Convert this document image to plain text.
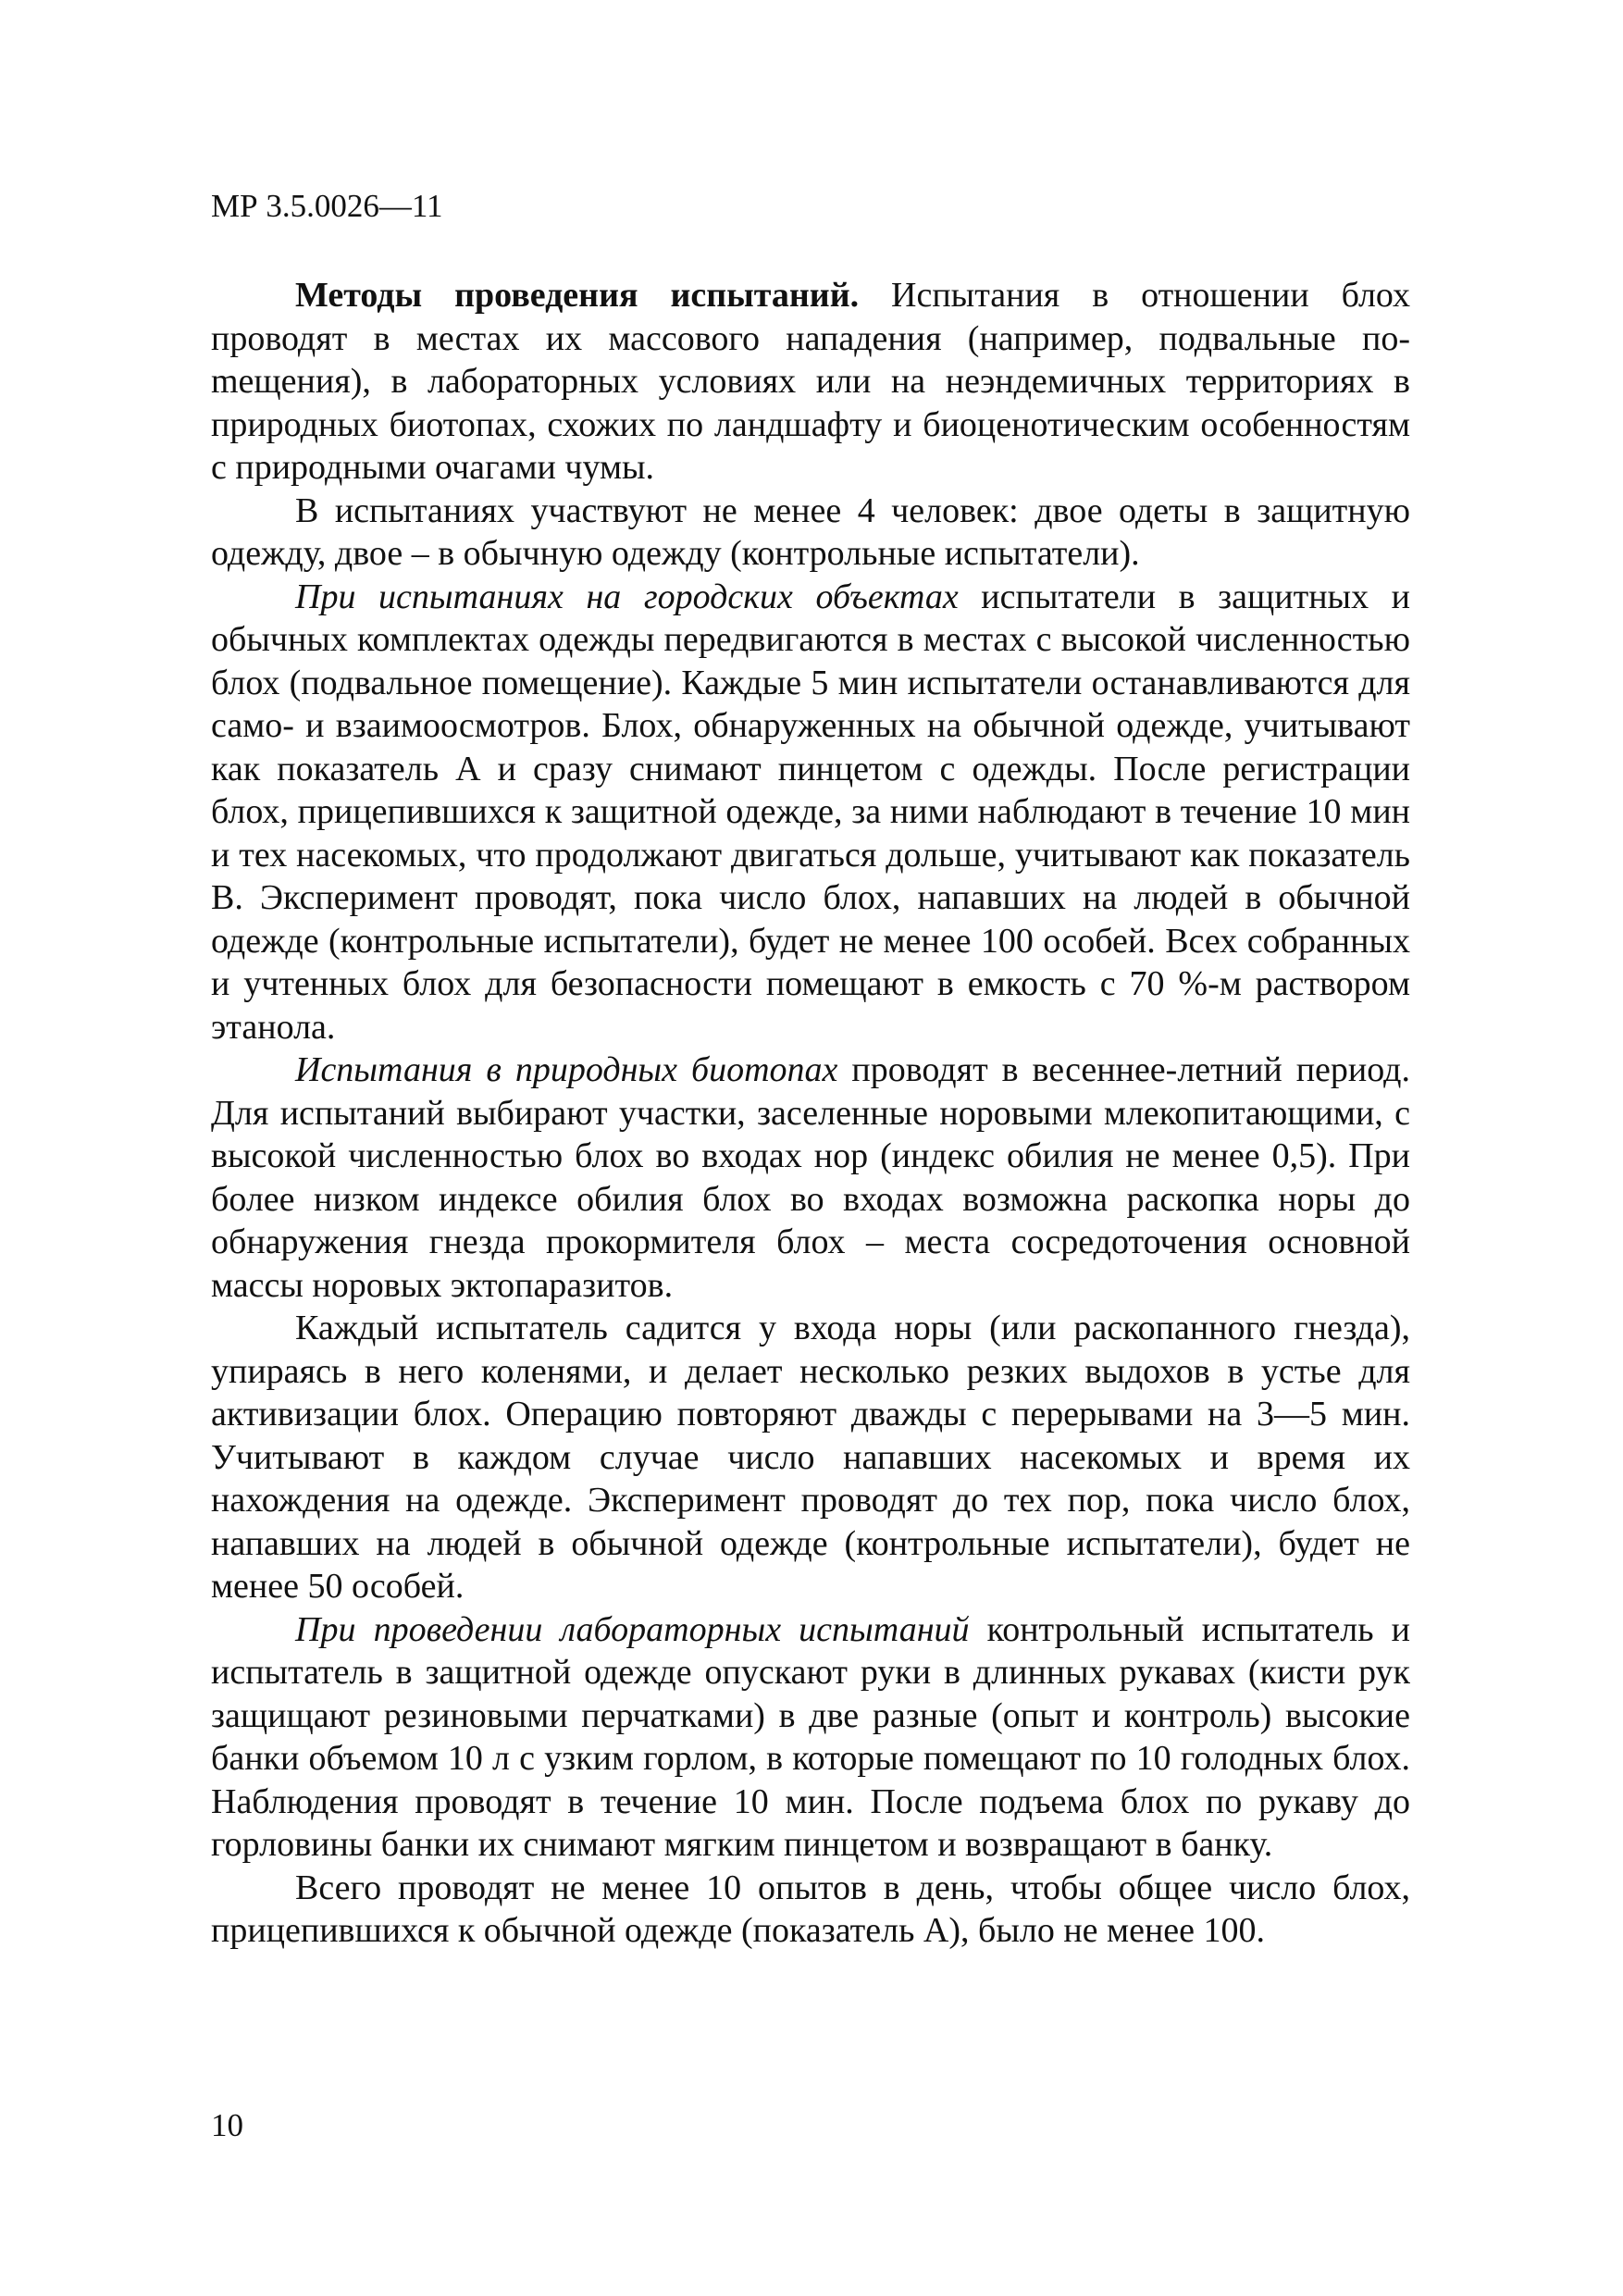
МР 3.5.0026—11

Методы проведения испытаний. Испытания в отношении блох проводят в местах их массового нападения (например, подвальные поmещения), в лабораторных условиях или на неэндемичных территориях в природных биотопах, схожих по ландшафту и биоценотическим особенностям с природными очагами чумы.

В испытаниях участвуют не менее 4 человек: двое одеты в защитную одежду, двое – в обычную одежду (контрольные испытатели).

При испытаниях на городских объектах испытатели в защитных и обычных комплектах одежды передвигаются в местах с высокой численностью блох (подвальное помещение). Каждые 5 мин испытатели останавливаются для само- и взаимоосмотров. Блох, обнаруженных на обычной одежде, учитывают как показатель А и сразу снимают пинцетом с одежды. После регистрации блох, прицепившихся к защитной одежде, за ними наблюдают в течение 10 мин и тех насекомых, что продолжают двигаться дольше, учитывают как показатель В. Эксперимент проводят, пока число блох, напавших на людей в обычной одежде (контрольные испытатели), будет не менее 100 особей. Всех собранных и учтенных блох для безопасности помещают в емкость с 70 %-м раствором этанола.

Испытания в природных биотопах проводят в весеннее-летний период. Для испытаний выбирают участки, заселенные норовыми млекопитающими, с высокой численностью блох во входах нор (индекс обилия не менее 0,5). При более низком индексе обилия блох во входах возможна раскопка норы до обнаружения гнезда прокормителя блох – места сосредоточения основной массы норовых эктопаразитов.

Каждый испытатель садится у входа норы (или раскопанного гнезда), упираясь в него коленями, и делает несколько резких выдохов в устье для активизации блох. Операцию повторяют дважды с перерывами на 3—5 мин. Учитывают в каждом случае число напавших насекомых и время их нахождения на одежде. Эксперимент проводят до тех пор, пока число блох, напавших на людей в обычной одежде (контрольные испытатели), будет не менее 50 особей.

При проведении лабораторных испытаний контрольный испытатель и испытатель в защитной одежде опускают руки в длинных рукавах (кисти рук защищают резиновыми перчатками) в две разные (опыт и контроль) высокие банки объемом 10 л с узким горлом, в которые помещают по 10 голодных блох. Наблюдения проводят в течение 10 мин. После подъема блох по рукаву до горловины банки их снимают мягким пинцетом и возвращают в банку.

Всего проводят не менее 10 опытов в день, чтобы общее число блох, прицепившихся к обычной одежде (показатель А), было не менее 100.

10
